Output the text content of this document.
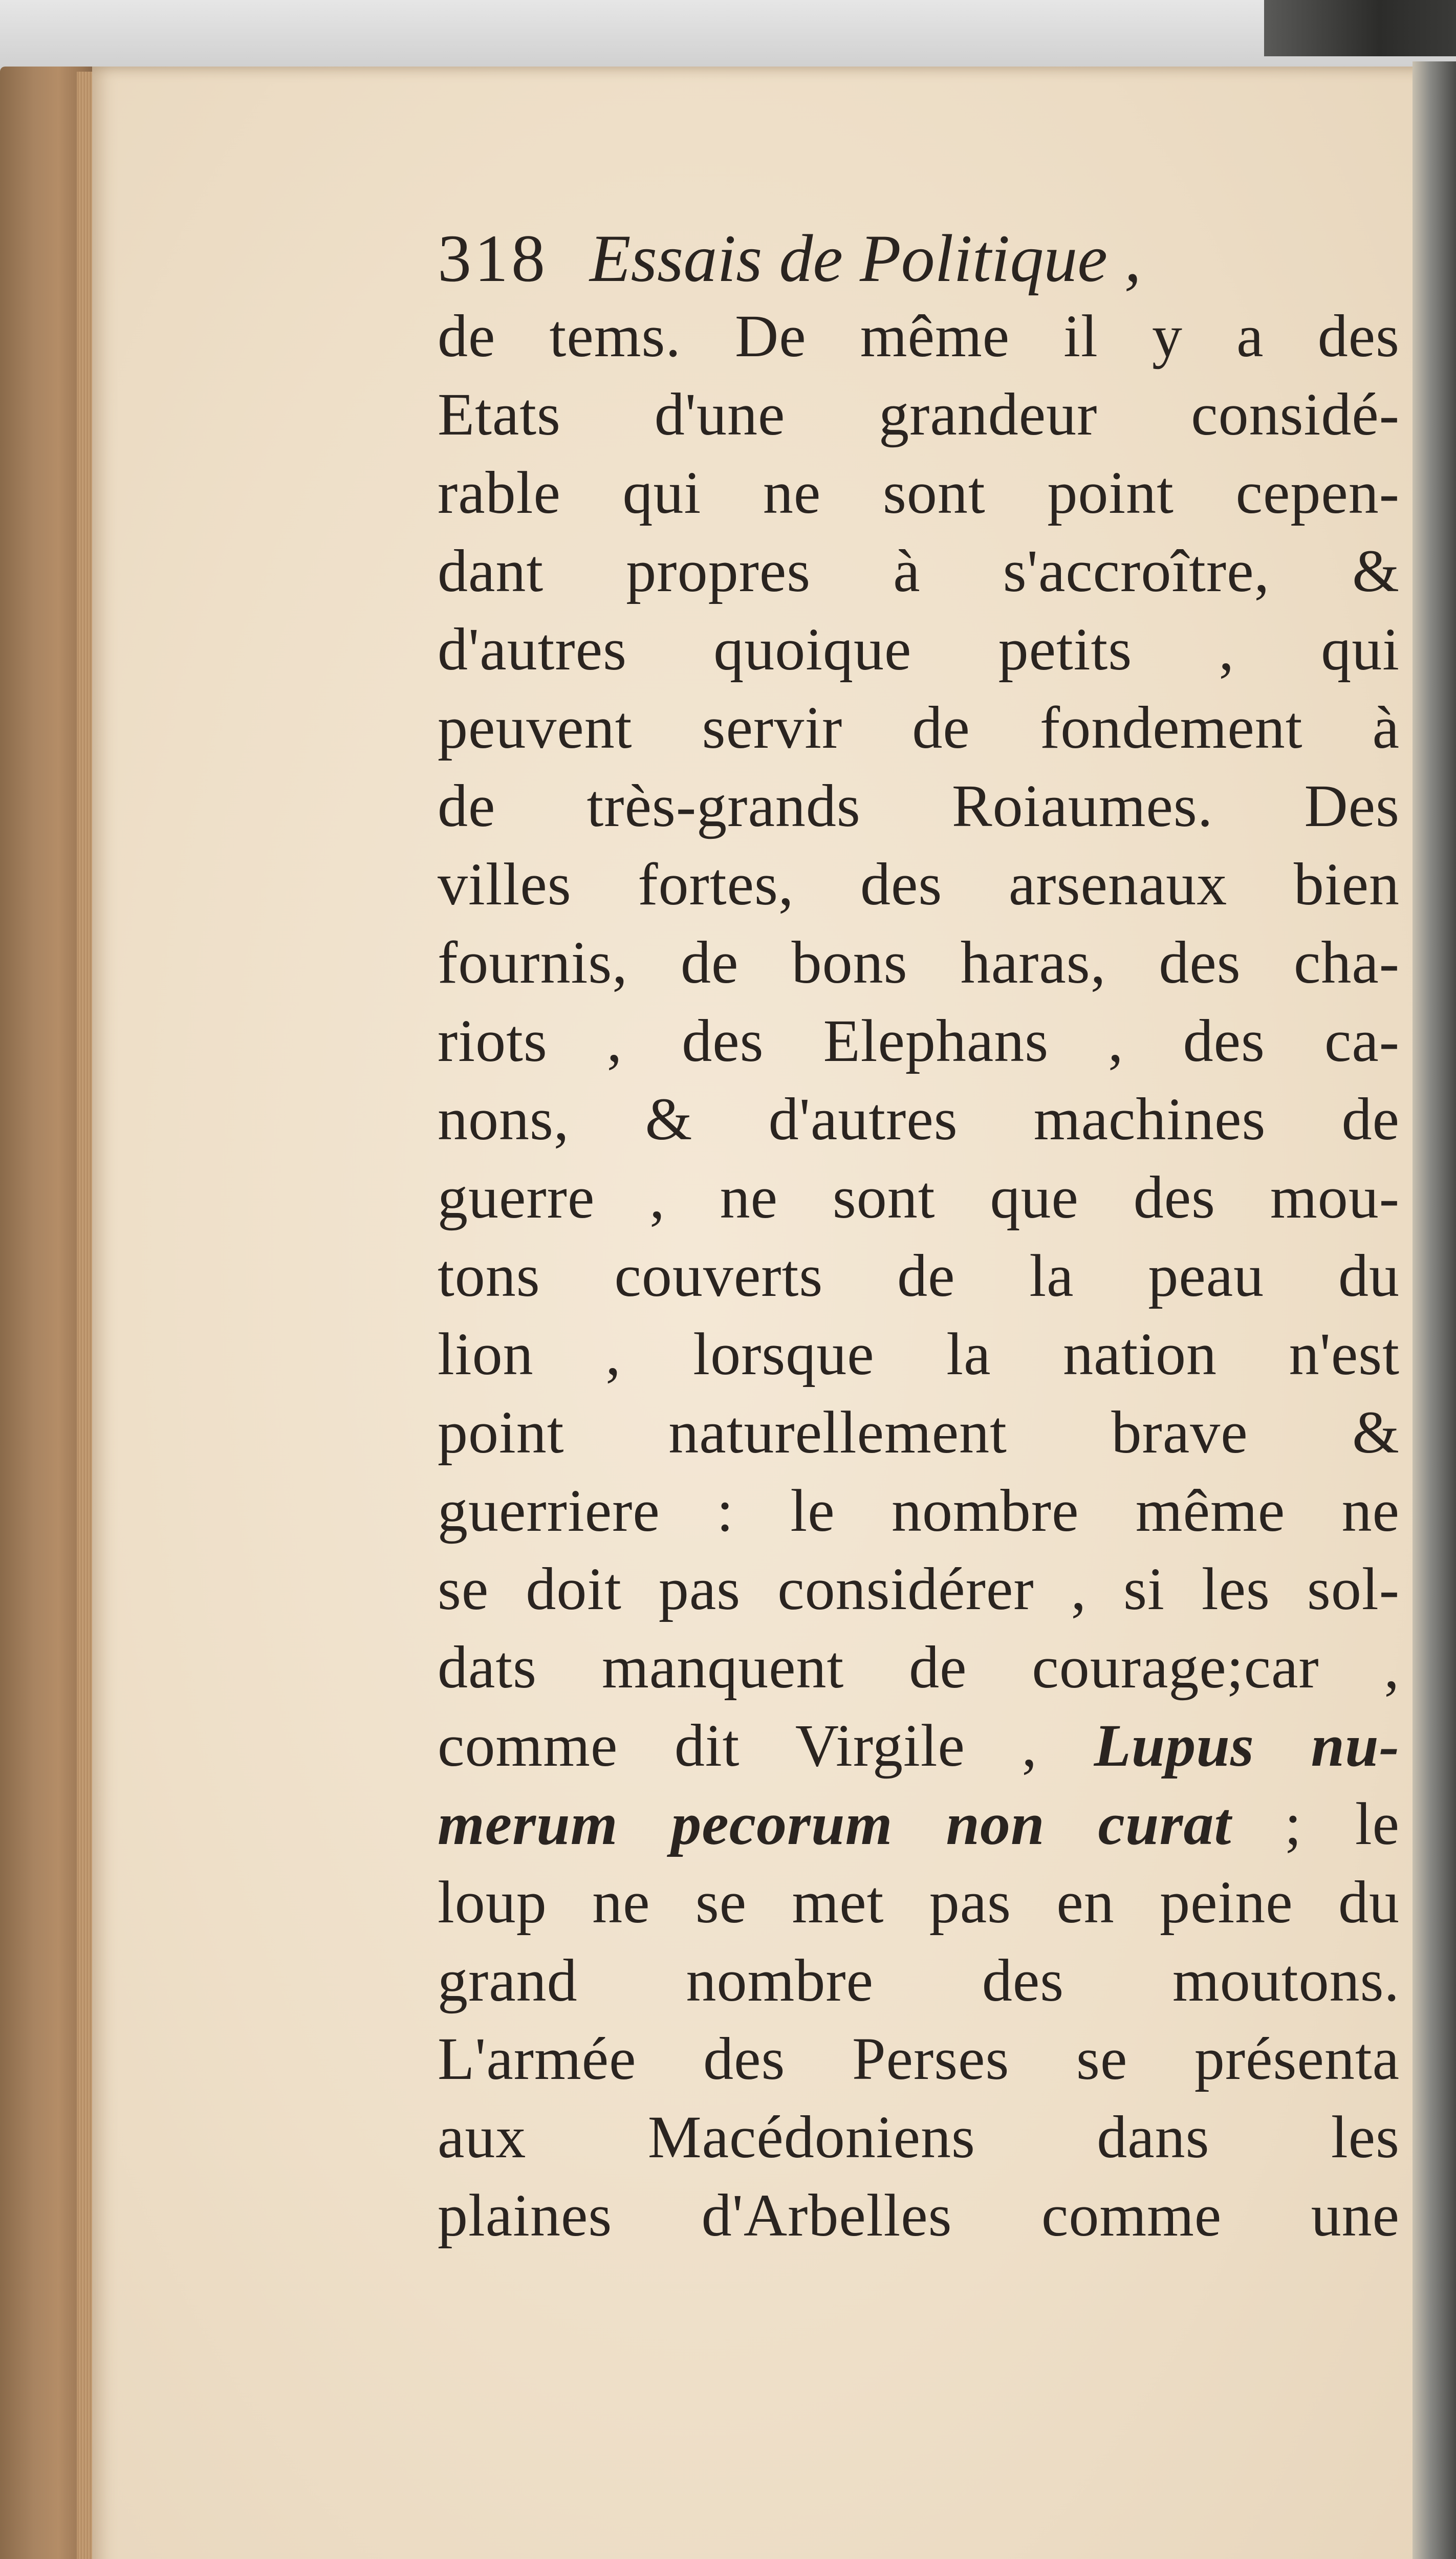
318 Essais de Politique ,
de tems. De même il y a des
Etats d'une grandeur considé-
rable qui ne sont point cepen-
dant propres à s'accroître, &
d'autres quoique petits , qui
peuvent servir de fondement à
de très-grands Roiaumes. Des
villes fortes, des arsenaux bien
fournis, de bons haras, des cha-
riots , des Elephans , des ca-
nons, & d'autres machines de
guerre , ne sont que des mou-
tons couverts de la peau du
lion , lorsque la nation n'est
point naturellement brave &
guerriere : le nombre même ne
se doit pas considérer , si les sol-
dats manquent de courage;car ,
comme dit Virgile , Lupus nu-
merum pecorum non curat ; le
loup ne se met pas en peine du
grand nombre des moutons.
L'armée des Perses se présenta
aux Macédoniens dans les
plaines d'Arbelles comme une
